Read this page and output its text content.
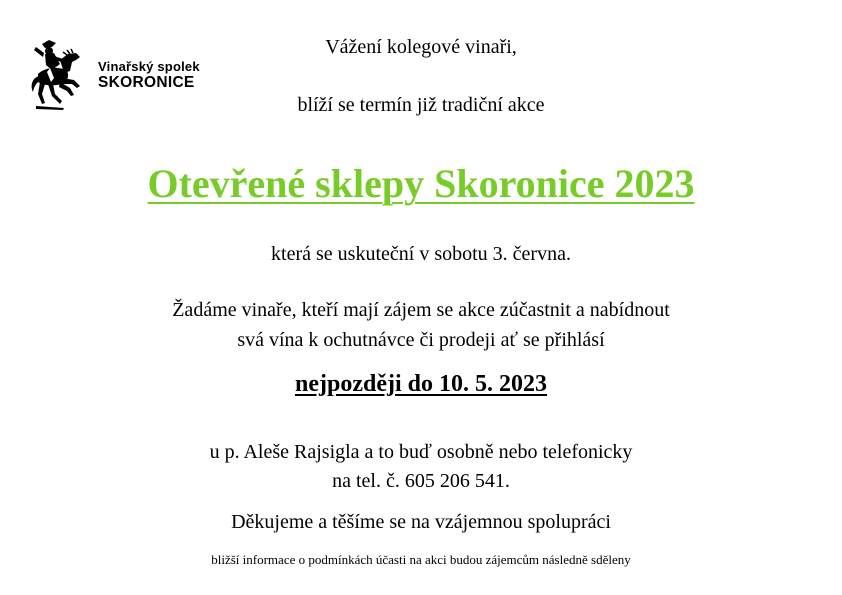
Vinařský spolek
SKORONICE
Vážení kolegové vinaři,
blíží se termín již tradiční akce
Otevřené sklepy Skoronice 2023
která se uskuteční v sobotu 3. června.
Žadáme vinaře, kteří mají zájem se akce zúčastnit a nabídnout
svá vína k ochutnávce či prodeji ať se přihlásí
nejpozději do 10. 5. 2023
u p. Aleše Rajsigla a to buď osobně nebo telefonicky
na tel. č. 605 206 541.
Děkujeme a těšíme se na vzájemnou spolupráci
bližší informace o podmínkách účasti na akci budou zájemcům následně sděleny
